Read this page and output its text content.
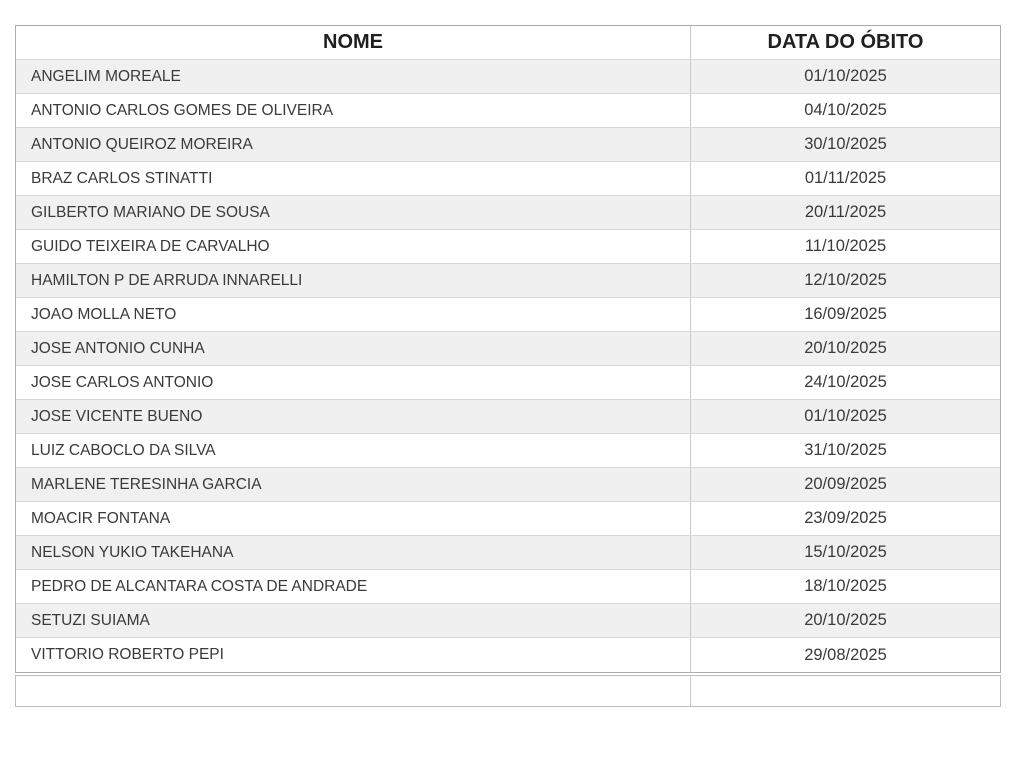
NOME	DATA DO ÓBITO
ANGELIM MOREALE	01/10/2025
ANTONIO CARLOS GOMES DE OLIVEIRA	04/10/2025
ANTONIO QUEIROZ MOREIRA	30/10/2025
BRAZ CARLOS STINATTI	01/11/2025
GILBERTO MARIANO DE SOUSA	20/11/2025
GUIDO TEIXEIRA DE CARVALHO	11/10/2025
HAMILTON P DE ARRUDA INNARELLI	12/10/2025
JOAO MOLLA NETO	16/09/2025
JOSE ANTONIO CUNHA	20/10/2025
JOSE CARLOS ANTONIO	24/10/2025
JOSE VICENTE BUENO	01/10/2025
LUIZ CABOCLO DA SILVA	31/10/2025
MARLENE TERESINHA GARCIA	20/09/2025
MOACIR FONTANA	23/09/2025
NELSON YUKIO TAKEHANA	15/10/2025
PEDRO DE ALCANTARA COSTA DE ANDRADE	18/10/2025
SETUZI SUIAMA	20/10/2025
VITTORIO ROBERTO PEPI	29/08/2025
